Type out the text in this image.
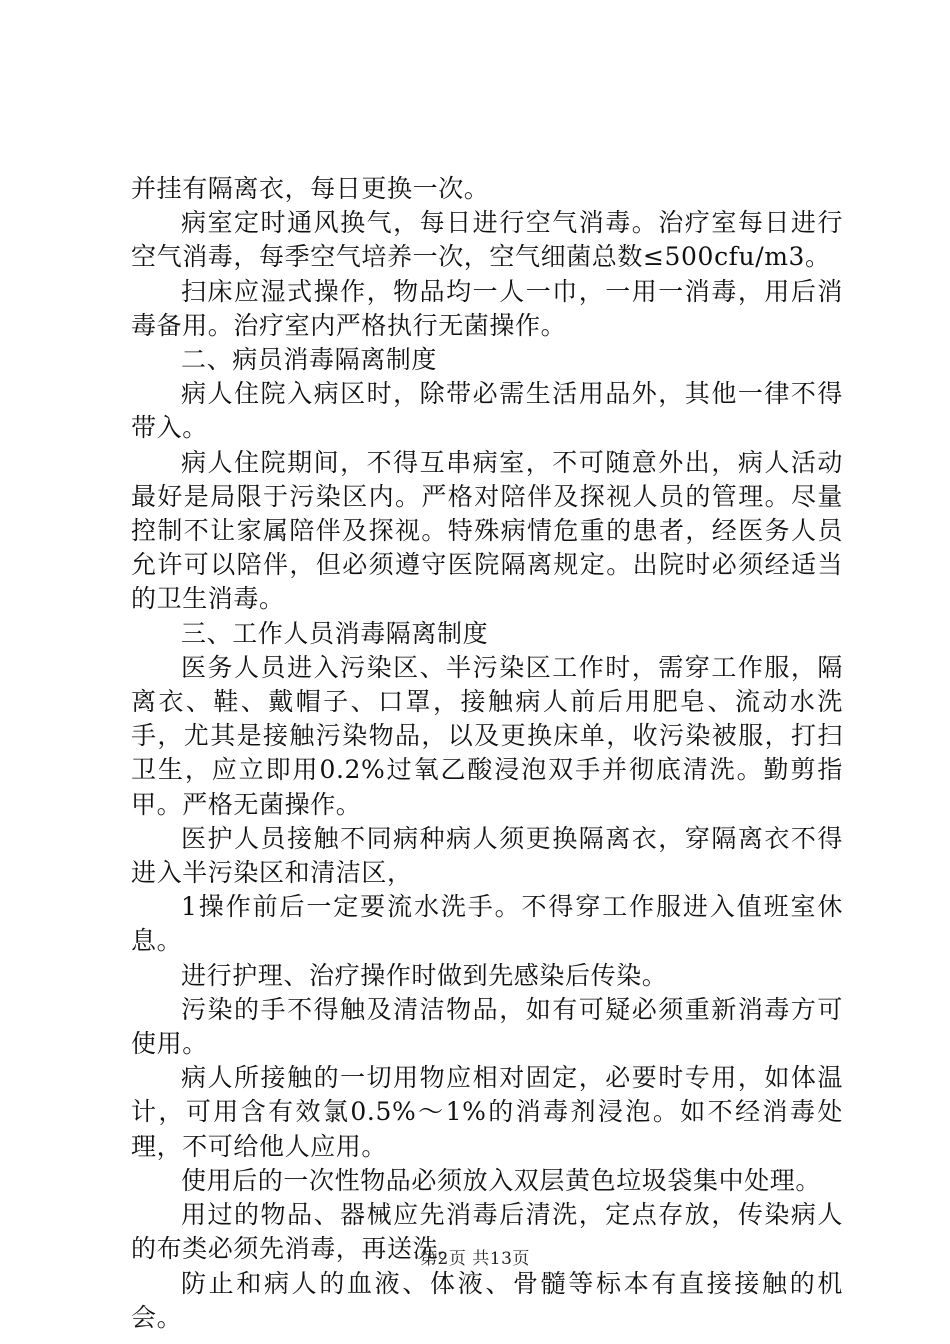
并挂有隔离衣，每日更换一次。

病室定时通风换气，每日进行空气消毒。治疗室每日进行空气消毒，每季空气培养一次，空气细菌总数≤500cfu/m3。

扫床应湿式操作，物品均一人一巾，一用一消毒，用后消毒备用。治疗室内严格执行无菌操作。

二、病员消毒隔离制度

病人住院入病区时，除带必需生活用品外，其他一律不得带入。

病人住院期间，不得互串病室，不可随意外出，病人活动最好是局限于污染区内。严格对陪伴及探视人员的管理。尽量控制不让家属陪伴及探视。特殊病情危重的患者，经医务人员允许可以陪伴，但必须遵守医院隔离规定。出院时必须经适当的卫生消毒。

三、工作人员消毒隔离制度

医务人员进入污染区、半污染区工作时，需穿工作服，隔离衣、鞋、戴帽子、口罩，接触病人前后用肥皂、流动水洗手，尤其是接触污染物品，以及更换床单，收污染被服，打扫卫生，应立即用0.2%过氧乙酸浸泡双手并彻底清洗。勤剪指甲。严格无菌操作。

医护人员接触不同病种病人须更换隔离衣，穿隔离衣不得进入半污染区和清洁区，

1操作前后一定要流水洗手。不得穿工作服进入值班室休息。

进行护理、治疗操作时做到先感染后传染。

污染的手不得触及清洁物品，如有可疑必须重新消毒方可使用。

病人所接触的一切用物应相对固定，必要时专用，如体温计，可用含有效氯0.5%～1%的消毒剂浸泡。如不经消毒处理，不可给他人应用。

使用后的一次性物品必须放入双层黄色垃圾袋集中处理。

用过的物品、器械应先消毒后清洗，定点存放，传染病人的布类必须先消毒，再送洗。

防止和病人的血液、体液、骨髓等标本有直接接触的机会。

第2页 共13页
